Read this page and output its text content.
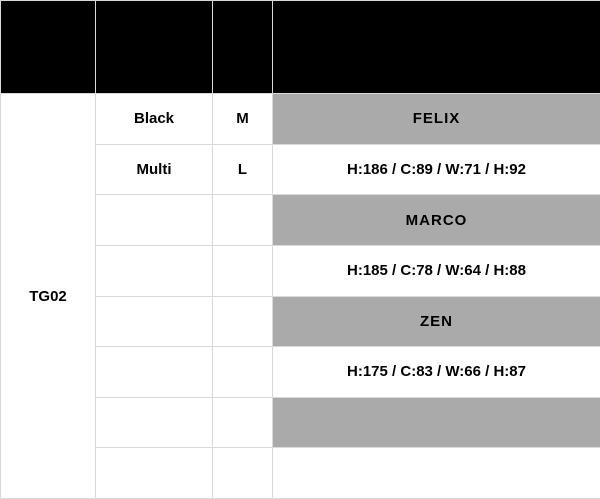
TG	Color	Size	Models
TG02	Black	M	FELIX
	Multi	L	H:186 / C:89 / W:71 / H:92
			MARCO
			H:185 / C:78 / W:64 / H:88
			ZEN
			H:175 / C:83 / W:66 / H:87
